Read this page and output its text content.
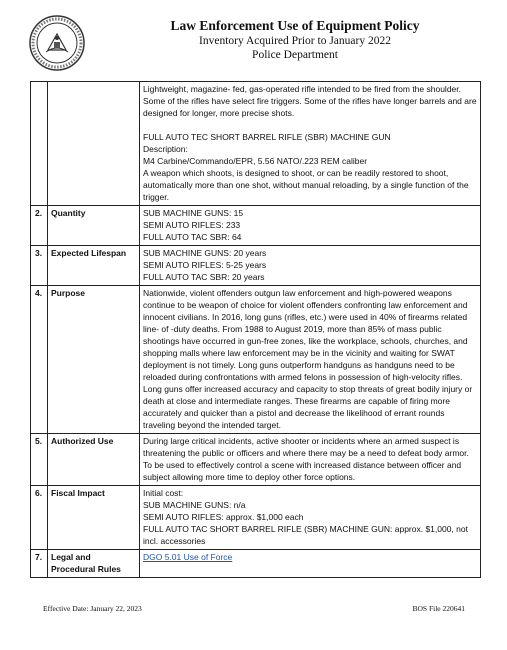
Law Enforcement Use of Equipment Policy
Inventory Acquired Prior to January 2022
Police Department

		Lightweight, magazine- fed, gas-operated rifle intended to be fired from the shoulder. Some of the rifles have select fire triggers. Some of the rifles have longer barrels and are designed for longer, more precise shots.

FULL AUTO TEC SHORT BARREL RIFLE (SBR) MACHINE GUN

Description:

M4 Carbine/Commando/EPR, 5.56 NATO/.223 REM caliber

A weapon which shoots, is designed to shoot, or can be readily restored to shoot, automatically more than one shot, without manual reloading, by a single function of the trigger.

2.	Quantity	SUB MACHINE GUNS: 15

SEMI AUTO RIFLES: 233

FULL AUTO TAC SBR: 64

3.	Expected Lifespan	SUB MACHINE GUNS: 20 years

SEMI AUTO RIFLES: 5-25 years

FULL AUTO TAC SBR: 20 years

4.	Purpose	Nationwide, violent offenders outgun law enforcement and high-powered weapons continue to be weapon of choice for violent offenders confronting law enforcement and innocent civilians. In 2016, long guns (rifles, etc.) were used in 40% of firearms related line- of -duty deaths. From 1988 to August 2019, more than 85% of mass public shootings have occurred in gun-free zones, like the workplace, schools, churches, and shopping malls where law enforcement may be in the vicinity and waiting for SWAT deployment is not timely. Long guns outperform handguns as handguns need to be reloaded during confrontations with armed felons in possession of high-velocity rifles. Long guns offer increased accuracy and capacity to stop threats of great bodily injury or death at close and intermediate ranges. These firearms are capable of firing more accurately and quicker than a pistol and decrease the likelihood of errant rounds traveling beyond the intended target.

5.	Authorized Use	During large critical incidents, active shooter or incidents where an armed suspect is threatening the public or officers and where there may be a need to defeat body armor. To be used to effectively control a scene with increased distance between officer and subject allowing more time to deploy other force options.

6.	Fiscal Impact	Initial cost:

SUB MACHINE GUNS: n/a

SEMI AUTO RIFLES: approx. $1,000 each

FULL AUTO TAC SHORT BARREL RIFLE (SBR) MACHINE GUN: approx. $1,000, not incl. accessories

7.	Legal and
Procedural Rules	DGO 5.01 Use of Force
Effective Date: January 22, 2023	BOS File 220641
